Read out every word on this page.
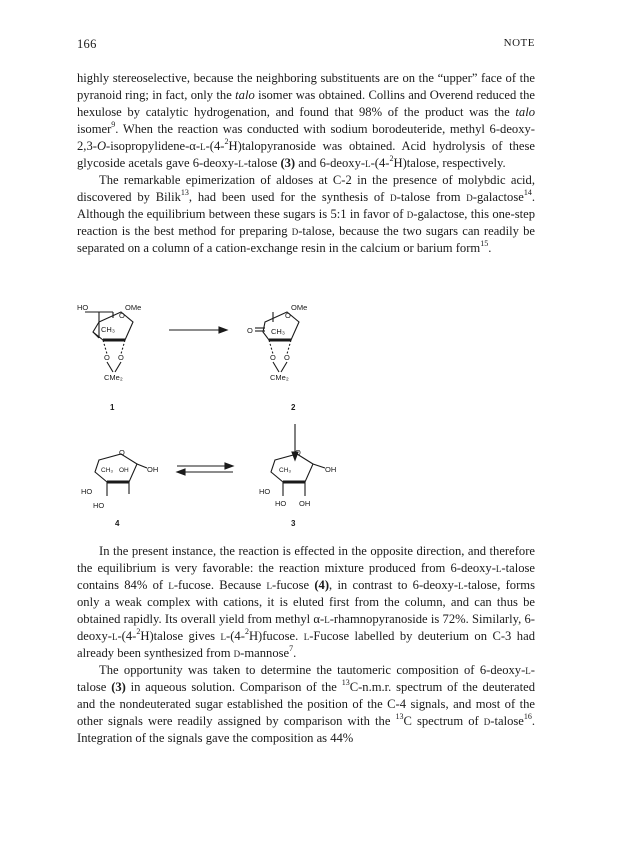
166	NOTE

highly stereoselective, because the neighboring substituents are on the “upper” face of the pyranoid ring; in fact, only the talo isomer was obtained. Collins and Overend reduced the hexulose by catalytic hydrogenation, and found that 98% of the product was the talo isomer$^9$. When the reaction was conducted with sodium borodeuteride, methyl 6-deoxy-2,3-O-isopropylidene-α-l-(4-$^2$H)talopyranoside was obtained. Acid hydrolysis of these glycoside acetals gave 6-deoxy-l-talose (3) and 6-deoxy-l-(4-$^2$H)talose, respectively.

The remarkable epimerization of aldoses at C-2 in the presence of molybdic acid, discovered by Bilik$^{13}$, had been used for the synthesis of d-talose from d-galactose$^{14}$. Although the equilibrium between these sugars is 5:1 in favor of d-galactose, this one-step reaction is the best method for preparing d-talose, because the two sugars can readily be separated on a column of a cation-exchange resin in the calcium or barium form$^{15}$.

HO
O
OMe
CH₃
O O
CMe₂
1
O
O
OMe
CH₃
O O
CMe₂
2
O
CH₃ OH OH
HO
HO
4
O
CH₃	OH
HO
HO OH
3

In the present instance, the reaction is effected in the opposite direction, and therefore the equilibrium is very favorable: the reaction mixture produced from 6-deoxy-l-talose contains 84% of l-fucose. Because l-fucose (4), in contrast to 6-deoxy-l-talose, forms only a weak complex with cations, it is eluted first from the column, and can thus be obtained rapidly. Its overall yield from methyl α-l-rhamnopyranoside is 72%. Similarly, 6-deoxy-l-(4-$^2$H)talose gives l-(4-$^2$H)fucose. l-Fucose labelled by deuterium on C-3 had already been synthesized from d-mannose$^7$.

The opportunity was taken to determine the tautomeric composition of 6-deoxy-l-talose (3) in aqueous solution. Comparison of the $^{13}$C-n.m.r. spectrum of the deuterated and the nondeuterated sugar established the position of the C-4 signals, and most of the other signals were readily assigned by comparison with the $^{13}$C spectrum of d-talose$^{16}$. Integration of the signals gave the composition as 44%
